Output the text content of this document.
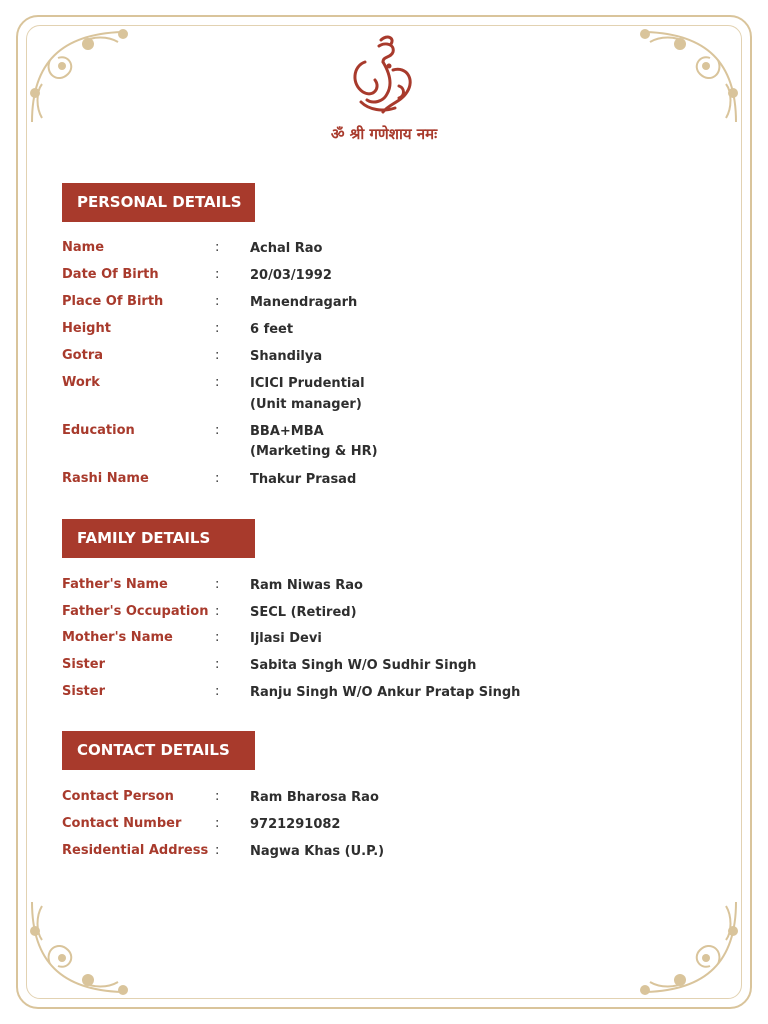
ॐ श्री गणेशाय नमः
PERSONAL DETAILS
Name	: Achal Rao
Date Of Birth	: 20/03/1992
Place Of Birth	: Manendragarh
Height	: 6 feet
Gotra	: Shandilya
Work	: ICICI Prudential
(Unit manager)
Education	: BBA+MBA
(Marketing & HR)
Rashi Name	: Thakur Prasad
FAMILY DETAILS
Father's Name	: Ram Niwas Rao
Father's Occupation : SECL (Retired)
Mother's Name	: Ijlasi Devi
Sister	: Sabita Singh W/O Sudhir Singh
Sister	: Ranju Singh W/O Ankur Pratap Singh
CONTACT DETAILS
Contact Person	: Ram Bharosa Rao
Contact Number	: 9721291082
Residential Address : Nagwa Khas (U.P.)
